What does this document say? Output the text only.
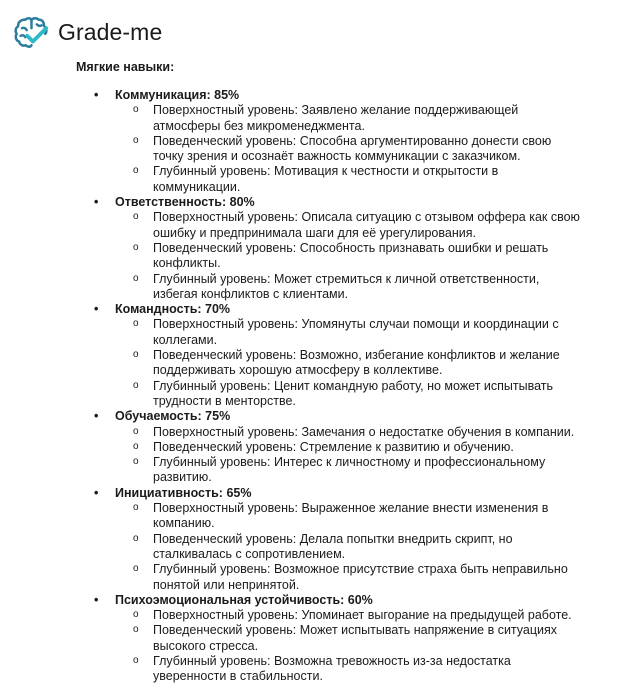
Grade-me
Мягкие навыки:
• Коммуникация: 85%
o Поверхностный уровень: Заявлено желание поддерживающей атмосферы без микроменеджмента.
o Поведенческий уровень: Способна аргументированно донести свою точку зрения и осознаёт важность коммуникации с заказчиком.
o Глубинный уровень: Мотивация к честности и открытости в коммуникации.
• Ответственность: 80%
o Поверхностный уровень: Описала ситуацию с отзывом оффера как свою ошибку и предпринимала шаги для её урегулирования.
o Поведенческий уровень: Способность признавать ошибки и решать конфликты.
o Глубинный уровень: Может стремиться к личной ответственности, избегая конфликтов с клиентами.
• Командность: 70%
o Поверхностный уровень: Упомянуты случаи помощи и координации с коллегами.
o Поведенческий уровень: Возможно, избегание конфликтов и желание поддерживать хорошую атмосферу в коллективе.
o Глубинный уровень: Ценит командную работу, но может испытывать трудности в менторстве.
• Обучаемость: 75%
o Поверхностный уровень: Замечания о недостатке обучения в компании.
o Поведенческий уровень: Стремление к развитию и обучению.
o Глубинный уровень: Интерес к личностному и профессиональному развитию.
• Инициативность: 65%
o Поверхностный уровень: Выраженное желание внести изменения в компанию.
o Поведенческий уровень: Делала попытки внедрить скрипт, но сталкивалась с сопротивлением.
o Глубинный уровень: Возможное присутствие страха быть неправильно понятой или непринятой.
• Психоэмоциональная устойчивость: 60%
o Поверхностный уровень: Упоминает выгорание на предыдущей работе.
o Поведенческий уровень: Может испытывать напряжение в ситуациях высокого стресса.
o Глубинный уровень: Возможна тревожность из-за недостатка уверенности в стабильности.
